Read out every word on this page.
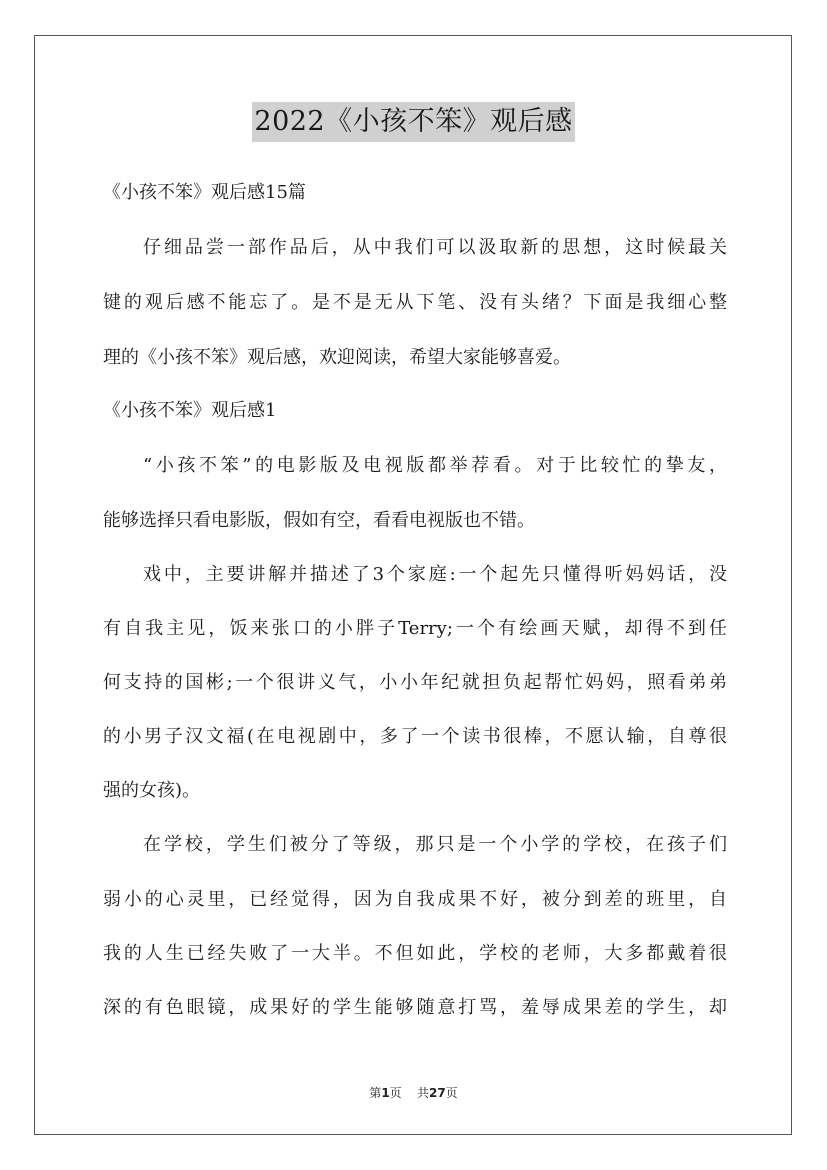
2022《小孩不笨》观后感
《小孩不笨》观后感15篇
仔细品尝一部作品后，从中我们可以汲取新的思想，这时候最关
键的观后感不能忘了。是不是无从下笔、没有头绪？下面是我细心整
理的《小孩不笨》观后感，欢迎阅读，希望大家能够喜爱。
《小孩不笨》观后感1
“小孩不笨”的电影版及电视版都举荐看。对于比较忙的挚友，
能够选择只看电影版，假如有空，看看电视版也不错。
戏中，主要讲解并描述了3个家庭:一个起先只懂得听妈妈话，没
有自我主见，饭来张口的小胖子Terry;一个有绘画天赋，却得不到任
何支持的国彬;一个很讲义气，小小年纪就担负起帮忙妈妈，照看弟弟
的小男子汉文福(在电视剧中，多了一个读书很棒，不愿认输，自尊很
强的女孩)。
在学校，学生们被分了等级，那只是一个小学的学校，在孩子们
弱小的心灵里，已经觉得，因为自我成果不好，被分到差的班里，自
我的人生已经失败了一大半。不但如此，学校的老师，大多都戴着很
深的有色眼镜，成果好的学生能够随意打骂，羞辱成果差的学生，却
第1页 共27页
